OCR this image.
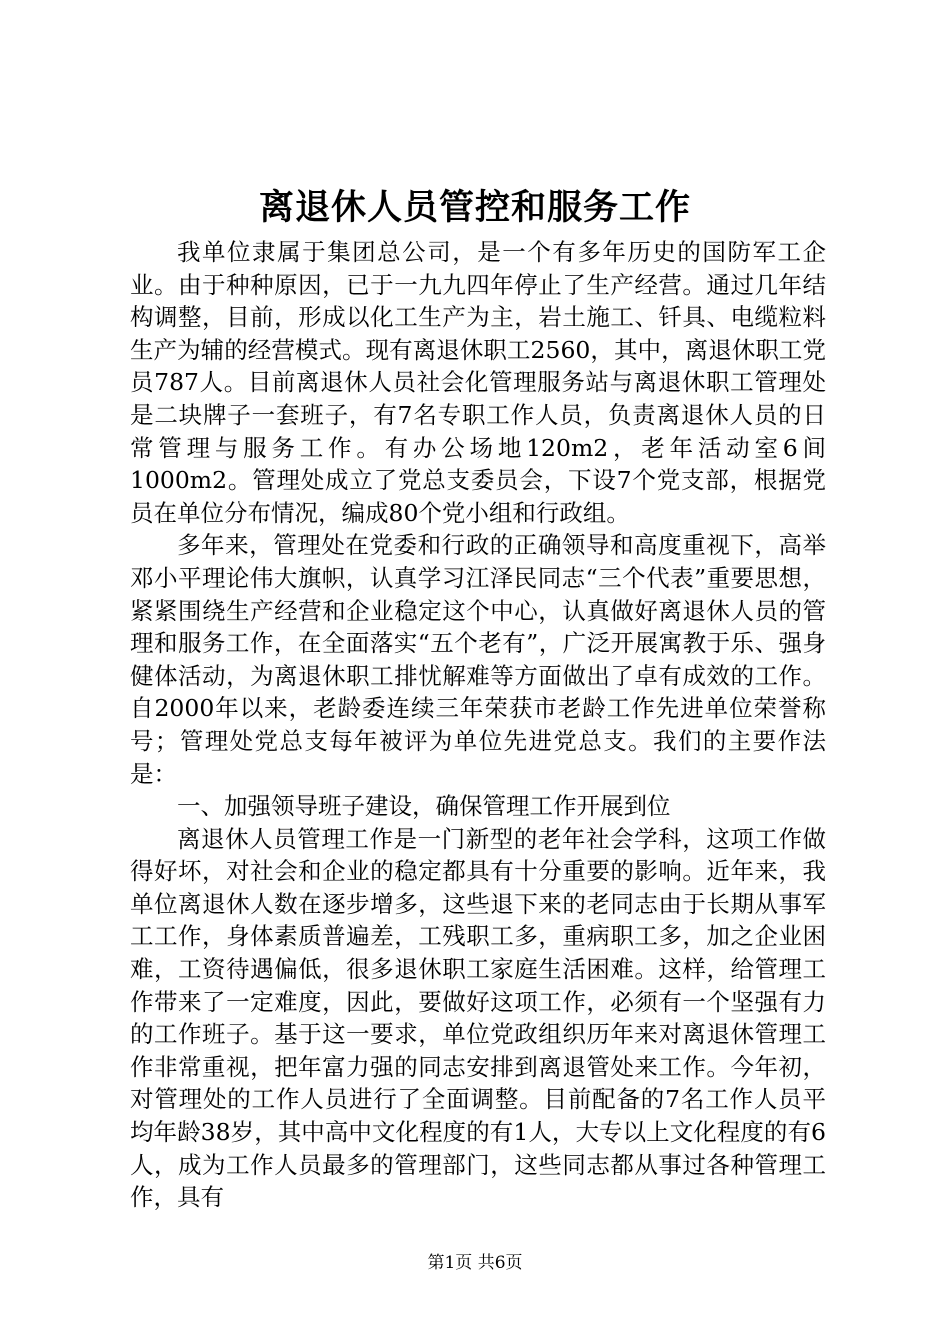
离退休人员管控和服务工作

我单位隶属于集团总公司，是一个有多年历史的国防军工企业。由于种种原因，已于一九九四年停止了生产经营。通过几年结构调整，目前，形成以化工生产为主，岩土施工、钎具、电缆粒料生产为辅的经营模式。现有离退休职工2560，其中，离退休职工党员787人。目前离退休人员社会化管理服务站与离退休职工管理处是二块牌子一套班子，有7名专职工作人员，负责离退休人员的日常管理与服务工作。有办公场地120m2，老年活动室6间1000m2。管理处成立了党总支委员会，下设7个党支部，根据党员在单位分布情况，编成80个党小组和行政组。

多年来，管理处在党委和行政的正确领导和高度重视下，高举邓小平理论伟大旗帜，认真学习江泽民同志“三个代表”重要思想，紧紧围绕生产经营和企业稳定这个中心，认真做好离退休人员的管理和服务工作，在全面落实“五个老有”，广泛开展寓教于乐、强身健体活动，为离退休职工排忧解难等方面做出了卓有成效的工作。自2000年以来，老龄委连续三年荣获市老龄工作先进单位荣誉称号；管理处党总支每年被评为单位先进党总支。我们的主要作法是：

一、加强领导班子建设，确保管理工作开展到位

离退休人员管理工作是一门新型的老年社会学科，这项工作做得好坏，对社会和企业的稳定都具有十分重要的影响。近年来，我单位离退休人数在逐步增多，这些退下来的老同志由于长期从事军工工作，身体素质普遍差，工残职工多，重病职工多，加之企业困难，工资待遇偏低，很多退休职工家庭生活困难。这样，给管理工作带来了一定难度，因此，要做好这项工作，必须有一个坚强有力的工作班子。基于这一要求，单位党政组织历年来对离退休管理工作非常重视，把年富力强的同志安排到离退管处来工作。今年初，对管理处的工作人员进行了全面调整。目前配备的7名工作人员平均年龄38岁，其中高中文化程度的有1人，大专以上文化程度的有6人，成为工作人员最多的管理部门，这些同志都从事过各种管理工作，具有

第1页 共6页
